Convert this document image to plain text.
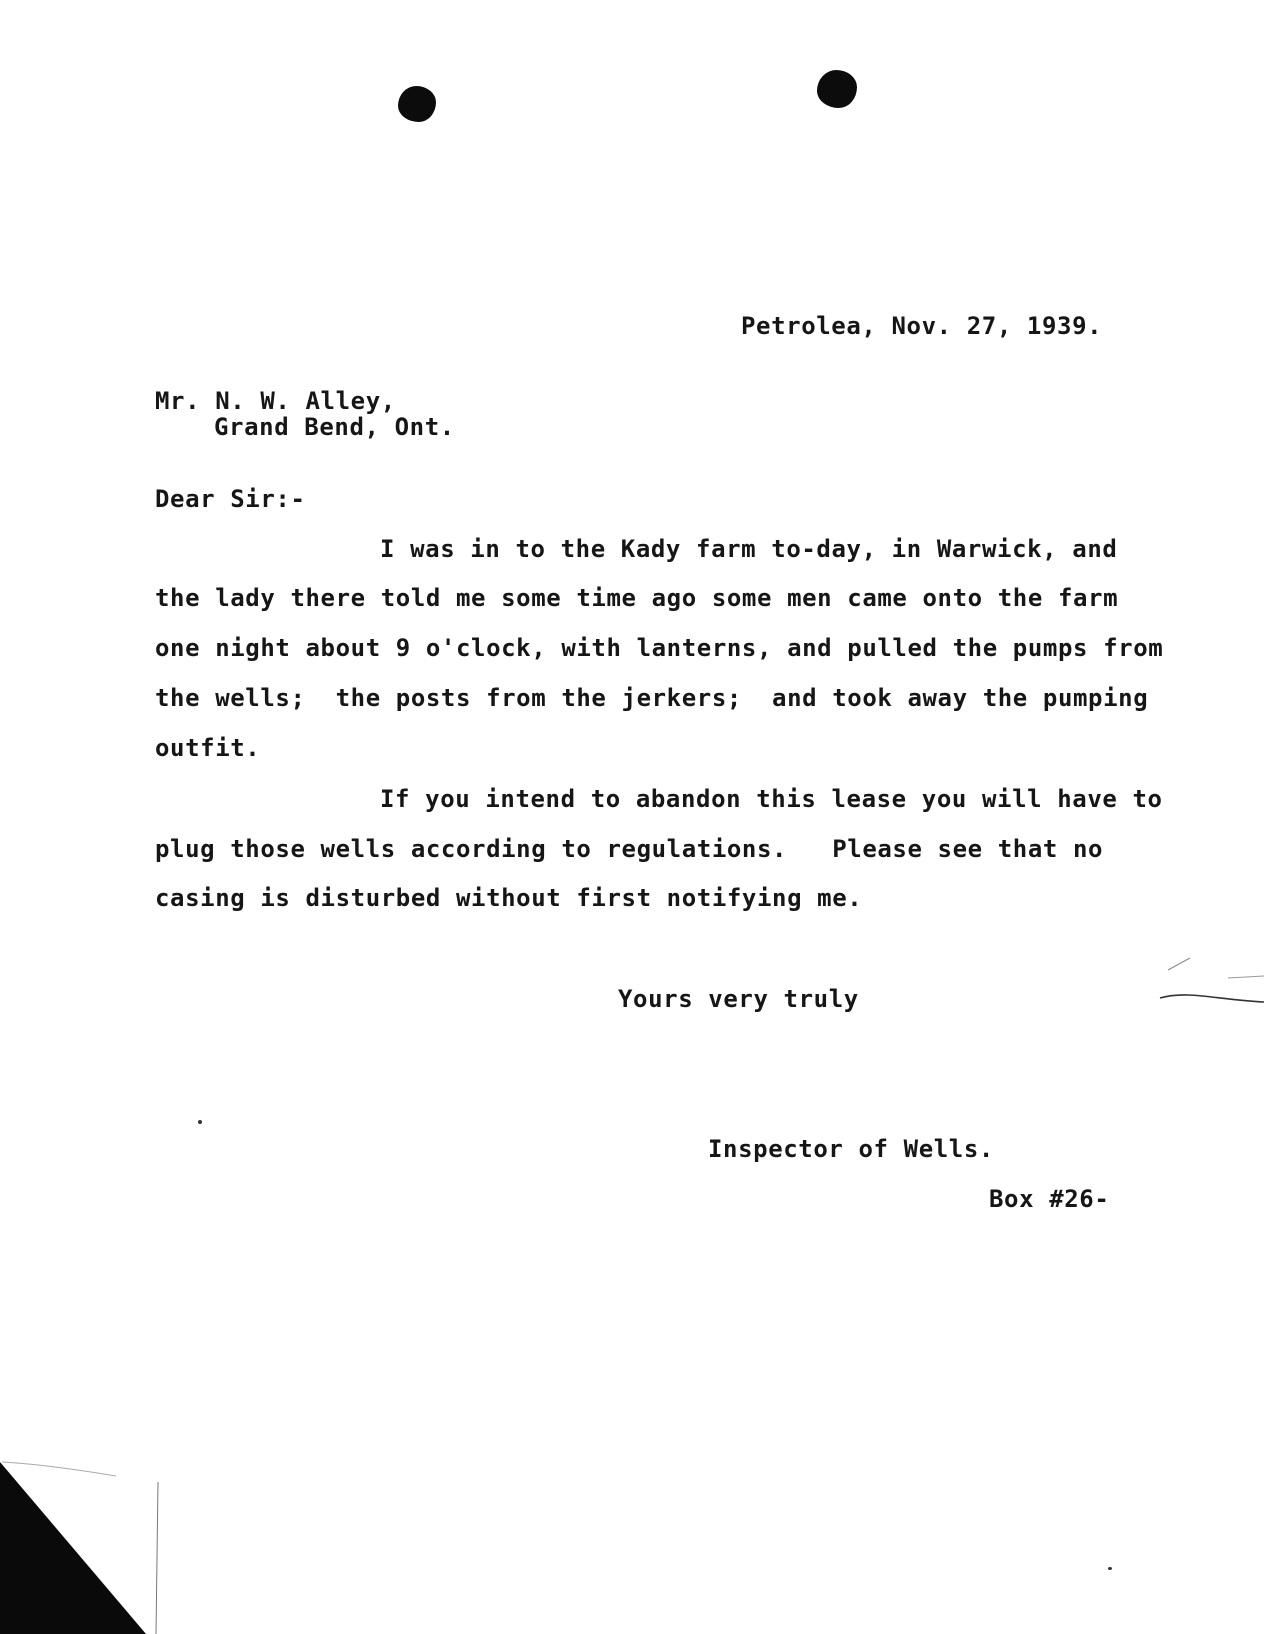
Petrolea, Nov. 27, 1939.
Mr. N. W. Alley,
Grand Bend, Ont.
Dear Sir:-
I was in to the Kady farm to-day, in Warwick, and
the lady there told me some time ago some men came onto the farm
one night about 9 o'clock, with lanterns, and pulled the pumps from
the wells;  the posts from the jerkers;  and took away the pumping
outfit.
If you intend to abandon this lease you will have to
plug those wells according to regulations.   Please see that no
casing is disturbed without first notifying me.
Yours very truly
Inspector of Wells.
Box #26-
